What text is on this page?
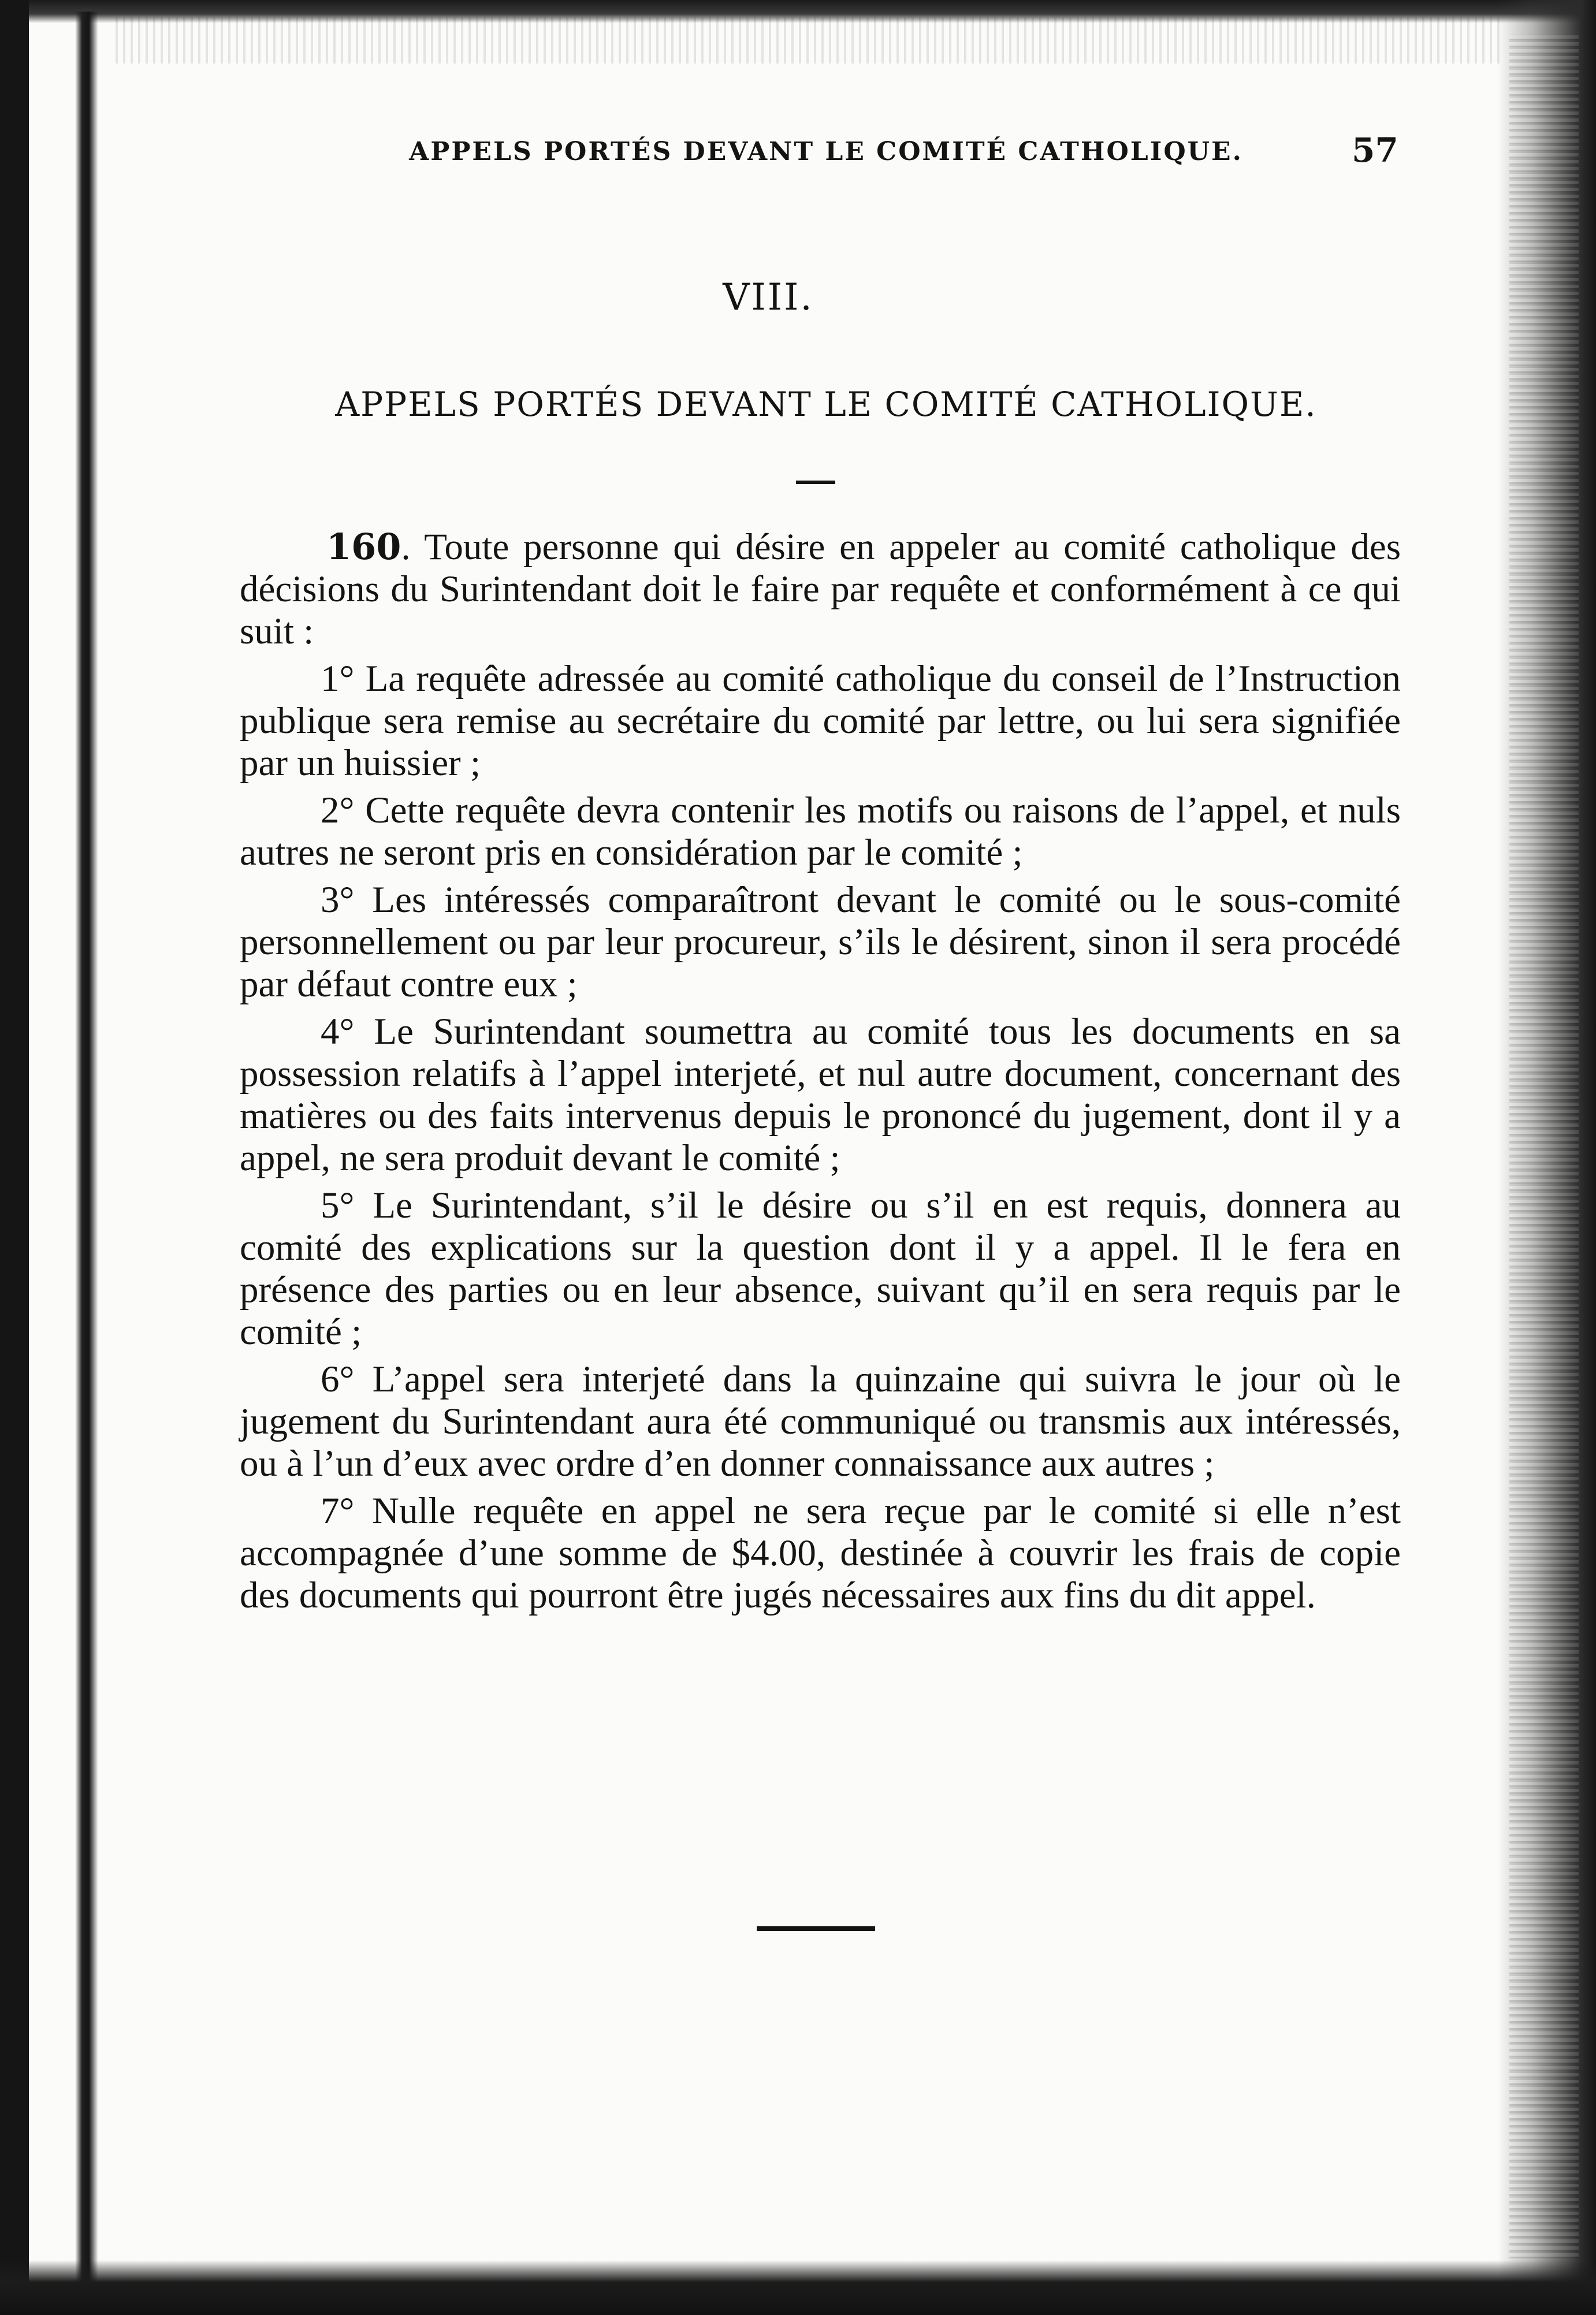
APPELS PORTÉS DEVANT LE COMITÉ CATHOLIQUE.	57
VIII.
APPELS PORTÉS DEVANT LE COMITÉ CATHOLIQUE.

160. Toute personne qui désire en appeler au comité catholique des décisions du Surintendant doit le faire par requête et conformément à ce qui suit :

1° La requête adressée au comité catholique du conseil de l’Instruction publique sera remise au secrétaire du comité par lettre, ou lui sera signifiée par un huissier ;

2° Cette requête devra contenir les motifs ou raisons de l’appel, et nuls autres ne seront pris en considération par le comité ;

3° Les intéressés comparaîtront devant le comité ou le sous-comité personnellement ou par leur procureur, s’ils le désirent, sinon il sera procédé par défaut contre eux ;

4° Le Surintendant soumettra au comité tous les documents en sa possession relatifs à l’appel interjeté, et nul autre document, concernant des matières ou des faits intervenus depuis le prononcé du jugement, dont il y a appel, ne sera produit devant le comité ;

5° Le Surintendant, s’il le désire ou s’il en est requis, donnera au comité des explications sur la question dont il y a appel. Il le fera en présence des parties ou en leur absence, suivant qu’il en sera requis par le comité ;

6° L’appel sera interjeté dans la quinzaine qui suivra le jour où le jugement du Surintendant aura été communiqué ou transmis aux intéressés, ou à l’un d’eux avec ordre d’en donner connaissance aux autres ;

7° Nulle requête en appel ne sera reçue par le comité si elle n’est accompagnée d’une somme de $4.00, destinée à couvrir les frais de copie des documents qui pourront être jugés nécessaires aux fins du dit appel.
